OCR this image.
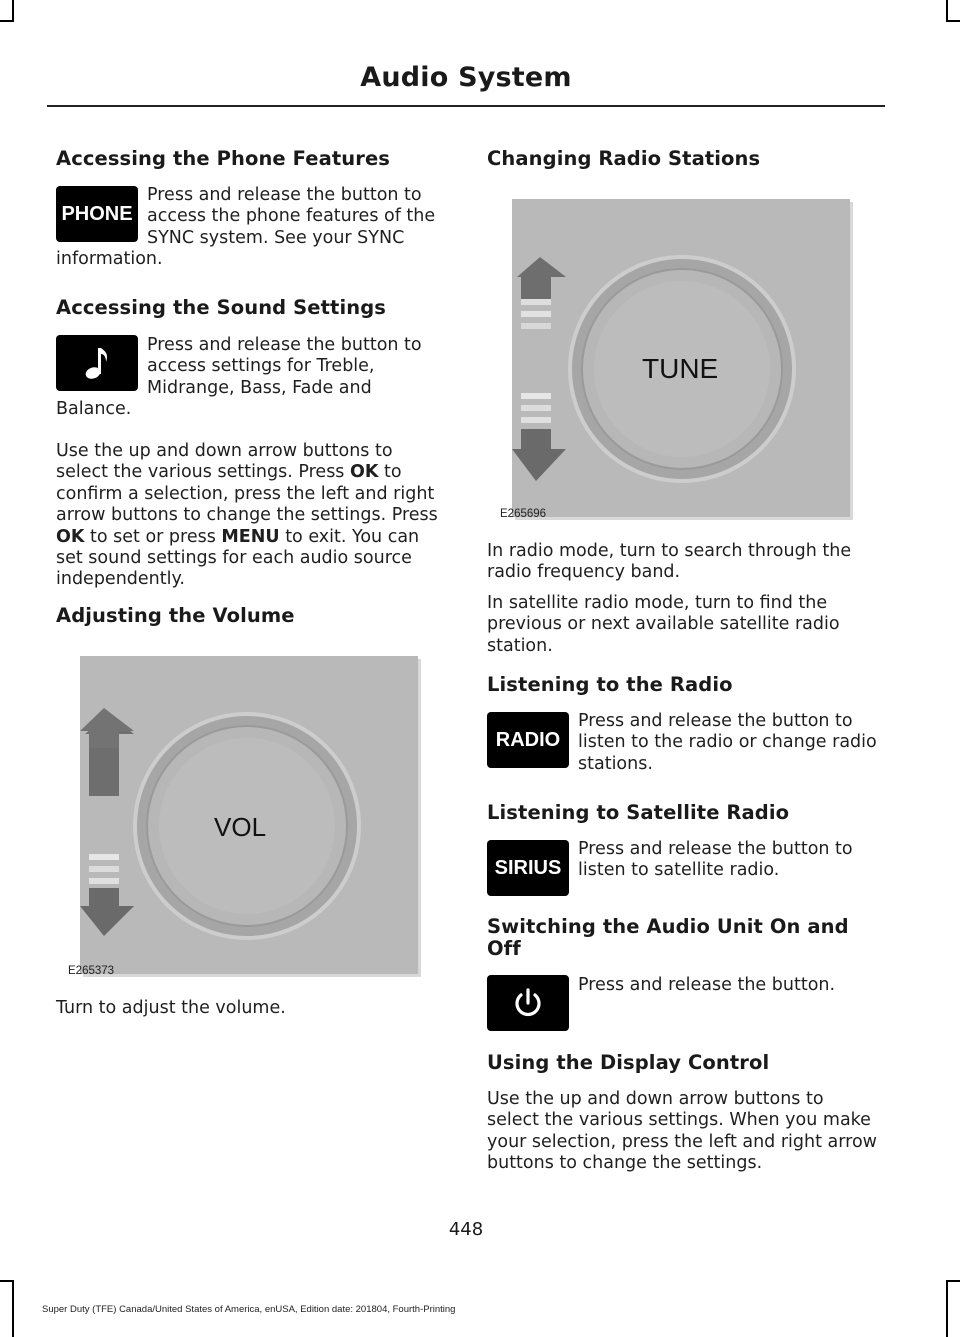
Audio System
Accessing the Phone Features
PHONE

Press and release the button to access the phone features of the SYNC system. See your SYNC

information.

Accessing the Sound Settings

Press and release the button to access settings for Treble, Midrange, Bass, Fade and

Balance.

Use the up and down arrow buttons to select the various settings. Press OK to confirm a selection, press the left and right arrow buttons to change the settings. Press OK to set or press MENU to exit. You can set sound settings for each audio source independently.

Adjusting the Volume
VOL
E265373

Turn to adjust the volume.

Changing Radio Stations
TUNE
E265696

In radio mode, turn to search through the radio frequency band.

In satellite radio mode, turn to find the previous or next available satellite radio station.

Listening to the Radio
RADIO

Press and release the button to listen to the radio or change radio stations.

Listening to Satellite Radio
SIRIUS

Press and release the button to listen to satellite radio.

Switching the Audio Unit On and Off

Press and release the button.

Using the Display Control

Use the up and down arrow buttons to select the various settings. When you make your selection, press the left and right arrow buttons to change the settings.

448
Super Duty (TFE) Canada/United States of America, enUSA, Edition date: 201804, Fourth-Printing
